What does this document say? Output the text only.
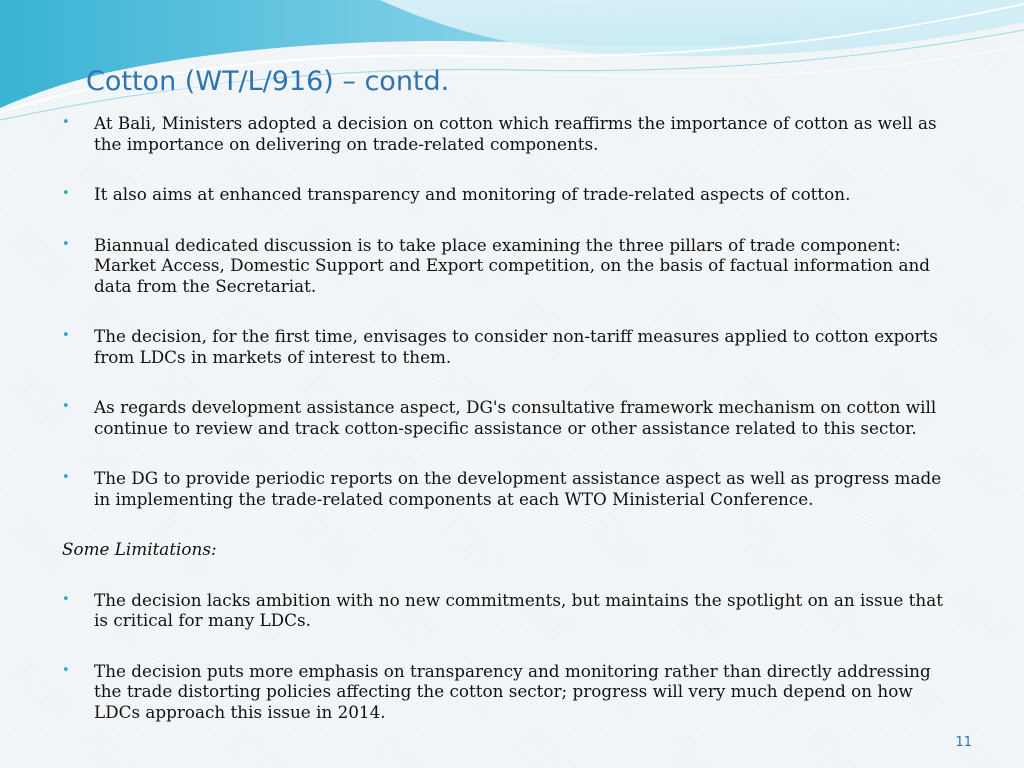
Cotton (WT/L/916) – contd.
• At Bali, Ministers adopted a decision on cotton which reaffirms the importance of cotton as well as the importance on delivering on trade-related components.
• It also aims at enhanced transparency and monitoring of trade-related aspects of cotton.
• Biannual dedicated discussion is to take place examining the three pillars of trade component: Market Access, Domestic Support and Export competition, on the basis of factual information and data from the Secretariat.
• The decision, for the first time, envisages to consider non-tariff measures applied to cotton exports from LDCs in markets of interest to them.
• As regards development assistance aspect, DG's consultative framework mechanism on cotton will continue to review and track cotton-specific assistance or other assistance related to this sector.
• The DG to provide periodic reports on the development assistance aspect as well as progress made in implementing the trade-related components at each WTO Ministerial Conference.
Some Limitations:
• The decision lacks ambition with no new commitments, but maintains the spotlight on an issue that is critical for many LDCs.
• The decision puts more emphasis on transparency and monitoring rather than directly addressing the trade distorting policies affecting the cotton sector; progress will very much depend on how LDCs approach this issue in 2014.
11
